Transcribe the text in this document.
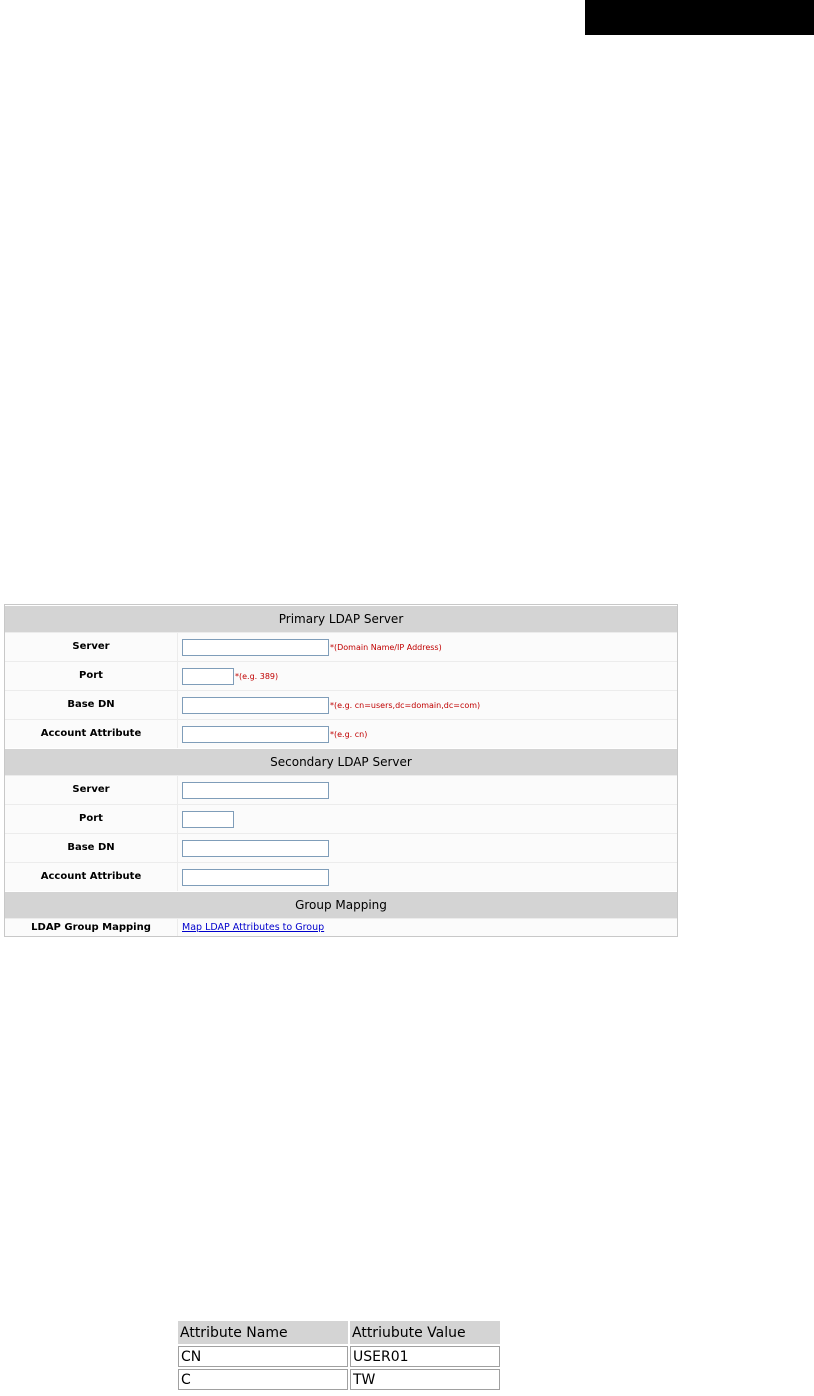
Primary LDAP Server
Server	*(Domain Name/IP Address)
Port	*(e.g. 389)
Base DN	*(e.g. cn=users,dc=domain,dc=com)
Account Attribute	*(e.g. cn)
Secondary LDAP Server
Server
Port
Base DN
Account Attribute
Group Mapping
LDAP Group Mapping	Map LDAP Attributes to Group
Attribute Name	Attriubute Value
CN	USER01
C	TW
